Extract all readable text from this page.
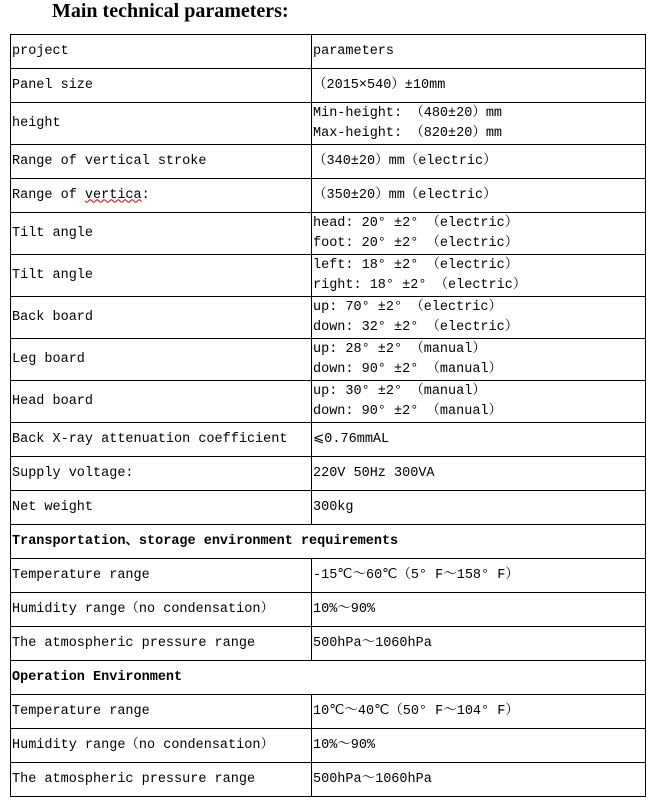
Main technical parameters:
project	parameters
Panel size	（2015×540）±10mm
height	Min-height: （480±20）mm
Max-height: （820±20）mm

Range of vertical stroke	（340±20）mm（electric）
Range of vertica:	（350±20）mm（electric）
Tilt angle	head: 20° ±2° （electric）
foot: 20° ±2° （electric）

Tilt angle	left: 18° ±2° （electric）
right: 18° ±2° （electric）

Back board	up: 70° ±2° （electric）
down: 32° ±2° （electric）

Leg board	up: 28° ±2° （manual）
down: 90° ±2° （manual）

Head board	up: 30° ±2° （manual）
down: 90° ±2° （manual）

Back X-ray attenuation coefficient	⩽0.76mmAL
Supply voltage:	220V 50Hz 300VA
Net weight	300kg
Transportation、storage environment requirements	
Temperature range	-15℃～60℃（5° F～158° F）
Humidity range（no condensation）	10%～90%
The atmospheric pressure range	500hPa～1060hPa
Operation Environment	
Temperature range	10℃～40℃（50° F～104° F）
Humidity range（no condensation）	10%～90%
The atmospheric pressure range	500hPa～1060hPa
